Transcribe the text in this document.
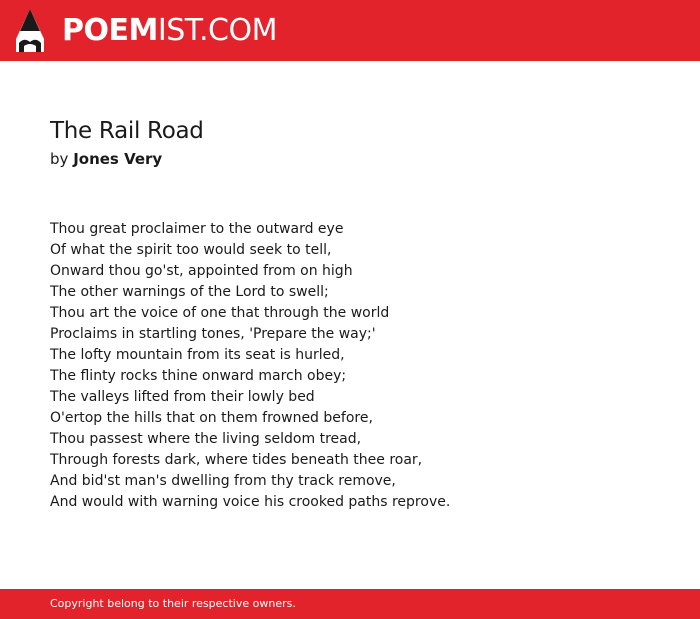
POEMIST.COM
The Rail Road
by Jones Very
Thou great proclaimer to the outward eye
Of what the spirit too would seek to tell,
Onward thou go'st, appointed from on high
The other warnings of the Lord to swell;
Thou art the voice of one that through the world
Proclaims in startling tones, 'Prepare the way;'
The lofty mountain from its seat is hurled,
The flinty rocks thine onward march obey;
The valleys lifted from their lowly bed
O'ertop the hills that on them frowned before,
Thou passest where the living seldom tread,
Through forests dark, where tides beneath thee roar,
And bid'st man's dwelling from thy track remove,
And would with warning voice his crooked paths reprove.
Copyright belong to their respective owners.
